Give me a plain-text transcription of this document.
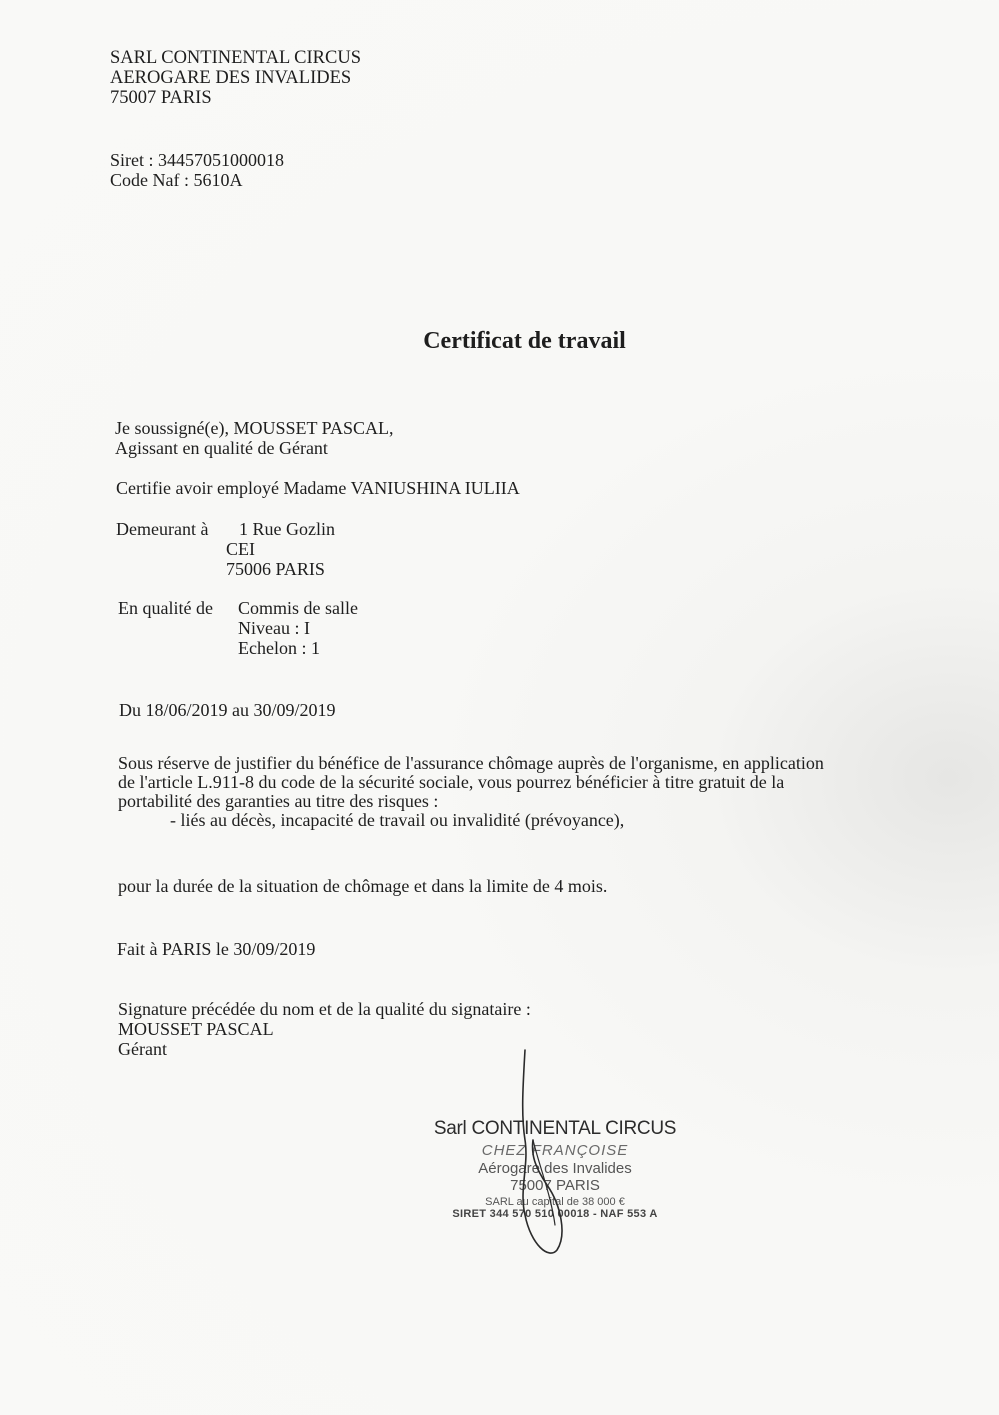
SARL CONTINENTAL CIRCUS
AEROGARE DES INVALIDES
75007 PARIS
Siret : 34457051000018
Code Naf : 5610A
Certificat de travail
Je soussigné(e), MOUSSET PASCAL,
Agissant en qualité de Gérant
Certifie avoir employé Madame VANIUSHINA IULIIA
Demeurant à 1 Rue Gozlin
CEI
75006 PARIS
En qualité de Commis de salle
Niveau : I
Echelon : 1
Du 18/06/2019 au 30/09/2019
Sous réserve de justifier du bénéfice de l'assurance chômage auprès de l'organisme, en application
de l'article L.911-8 du code de la sécurité sociale, vous pourrez bénéficier à titre gratuit de la
portabilité des garanties au titre des risques :
- liés au décès, incapacité de travail ou invalidité (prévoyance),
pour la durée de la situation de chômage et dans la limite de 4 mois.
Fait à PARIS le 30/09/2019
Signature précédée du nom et de la qualité du signataire :
MOUSSET PASCAL
Gérant
Sarl CONTINENTAL CIRCUS
CHEZ FRANÇOISE
Aérogare des Invalides
75007 PARIS
SARL au capital de 38 000 €
SIRET 344 570 510 00018 - NAF 553 A
